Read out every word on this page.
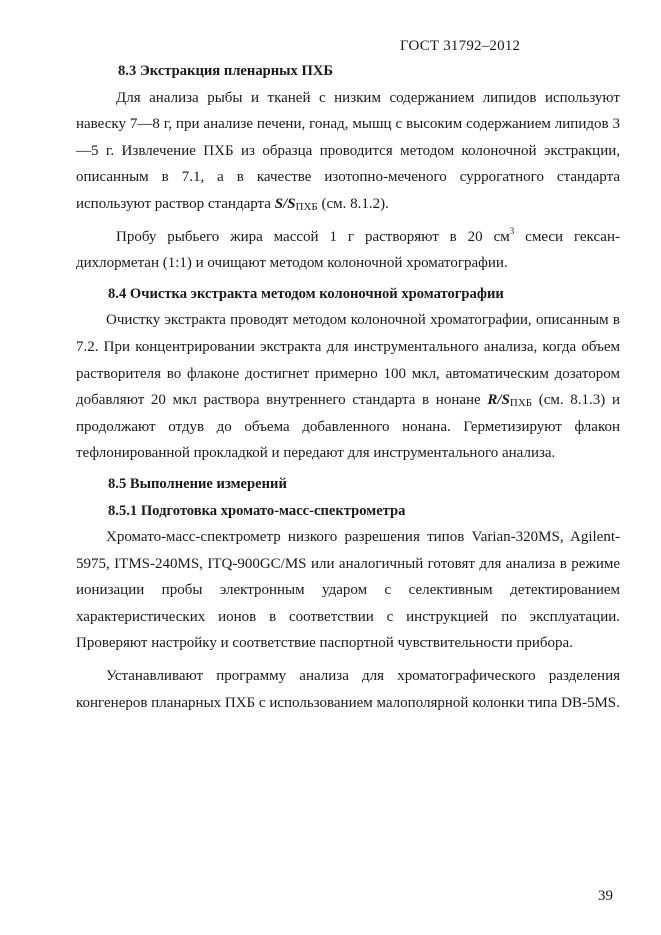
ГОСТ 31792–2012

8.3 Экстракция пленарных ПХБ

Для анализа рыбы и тканей с низким содержанием липидов используют навеску 7—8 г, при анализе печени, гонад, мышц с высоким содержанием липидов 3—5 г. Извлечение ПХБ из образца проводится методом колоночной экстракции, описанным в 7.1, а в качестве изотопно-меченого суррогатного стандарта используют раствор стандарта $S/S_{ПХБ}$ (см. 8.1.2).

Пробу рыбьего жира массой 1 г растворяют в 20 $см^3$ смеси гексан-дихлорметан (1:1) и очищают методом колоночной хроматографии.

8.4 Очистка экстракта методом колоночной хроматографии

Очистку экстракта проводят методом колоночной хроматографии, описанным в 7.2. При концентрировании экстракта для инструментального анализа, когда объем растворителя во флаконе достигнет примерно 100 мкл, автоматическим дозатором добавляют 20 мкл раствора внутреннего стандарта в нонане $R/S_{ПХБ}$ (см. 8.1.3) и продолжают отдув до объема добавленного нонана. Герметизируют флакон тефлонированной прокладкой и передают для инструментального анализа.

8.5 Выполнение измерений

8.5.1 Подготовка хромато-масс-спектрометра

Хромато-масс-спектрометр низкого разрешения типов Varian-320MS, Agilent-5975, ITMS-240MS, ITQ-900GC/MS или аналогичный готовят для анализа в режиме ионизации пробы электронным ударом с селективным детектированием характеристических ионов в соответствии с инструкцией по эксплуатации. Проверяют настройку и соответствие паспортной чувствительности прибора.

Устанавливают программу анализа для хроматографического разделения конгенеров планарных ПХБ с использованием малополярной колонки типа DB-5MS.

39
